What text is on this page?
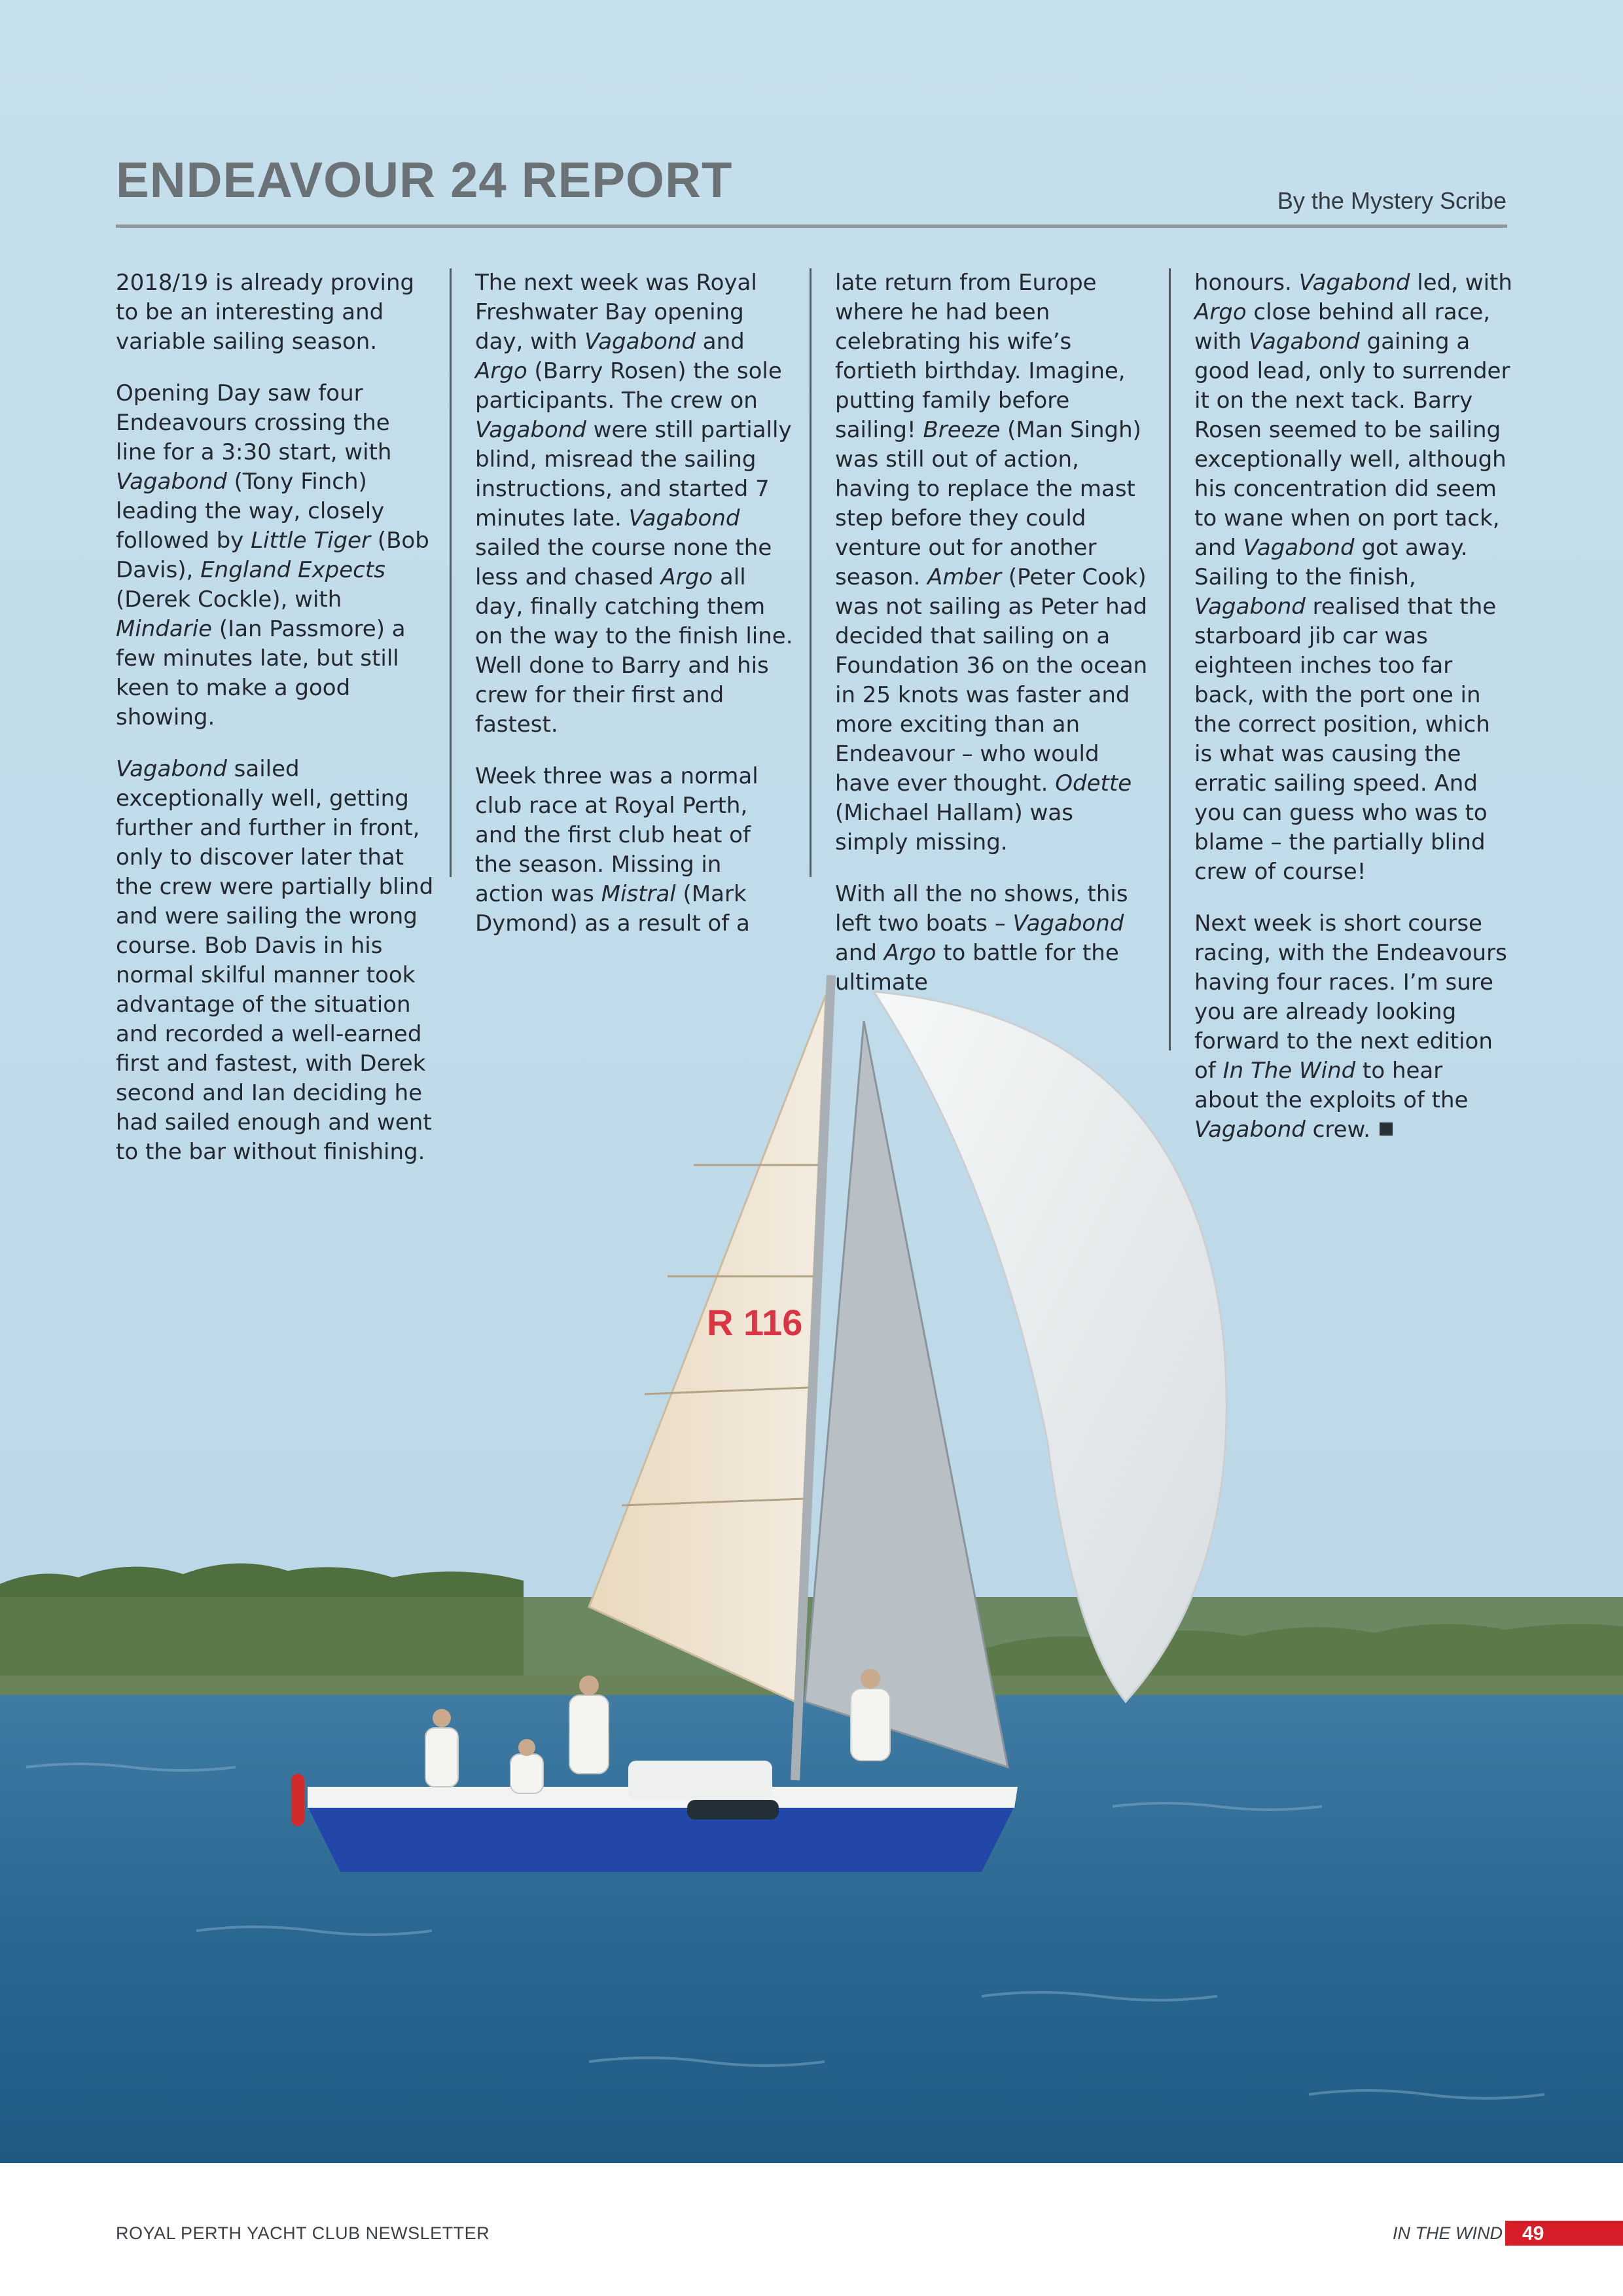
R 116
ENDEAVOUR 24 REPORT	By the Mystery Scribe

2018/19 is already proving to be an interesting and variable sailing season.

Opening Day saw four Endeavours crossing the line for a 3:30 start, with Vagabond (Tony Finch) leading the way, closely followed by Little Tiger (Bob Davis), England Expects (Derek Cockle), with Mindarie (Ian Passmore) a few minutes late, but still keen to make a good showing.

Vagabond sailed exceptionally well, getting further and further in front, only to discover later that the crew were partially blind and were sailing the wrong course. Bob Davis in his normal skilful manner took advantage of the situation and recorded a well-earned first and fastest, with Derek second and Ian deciding he had sailed enough and went to the bar without finishing.

The next week was Royal Freshwater Bay opening day, with Vagabond and Argo (Barry Rosen) the sole participants. The crew on Vagabond were still partially blind, misread the sailing instructions, and started 7 minutes late. Vagabond sailed the course none the less and chased Argo all day, finally catching them on the way to the finish line. Well done to Barry and his crew for their first and fastest.

Week three was a normal club race at Royal Perth, and the first club heat of the season. Missing in action was Mistral (Mark Dymond) as a result of a

late return from Europe where he had been celebrating his wife’s fortieth birthday. Imagine, putting family before sailing! Breeze (Man Singh) was still out of action, having to replace the mast step before they could venture out for another season. Amber (Peter Cook) was not sailing as Peter had decided that sailing on a Foundation 36 on the ocean in 25 knots was faster and more exciting than an Endeavour – who would have ever thought. Odette (Michael Hallam) was simply missing.

With all the no shows, this left two boats – Vagabond and Argo to battle for the ultimate

honours. Vagabond led, with Argo close behind all race, with Vagabond gaining a good lead, only to surrender it on the next tack. Barry Rosen seemed to be sailing exceptionally well, although his concentration did seem to wane when on port tack, and Vagabond got away. Sailing to the finish, Vagabond realised that the starboard jib car was eighteen inches too far back, with the port one in the correct position, which is what was causing the erratic sailing speed. And you can guess who was to blame – the partially blind crew of course!

Next week is short course racing, with the Endeavours having four races. I’m sure you are already looking forward to the next edition of In The Wind to hear about the exploits of the Vagabond crew.

ROYAL PERTH YACHT CLUB NEWSLETTER	IN THE WIND 49
